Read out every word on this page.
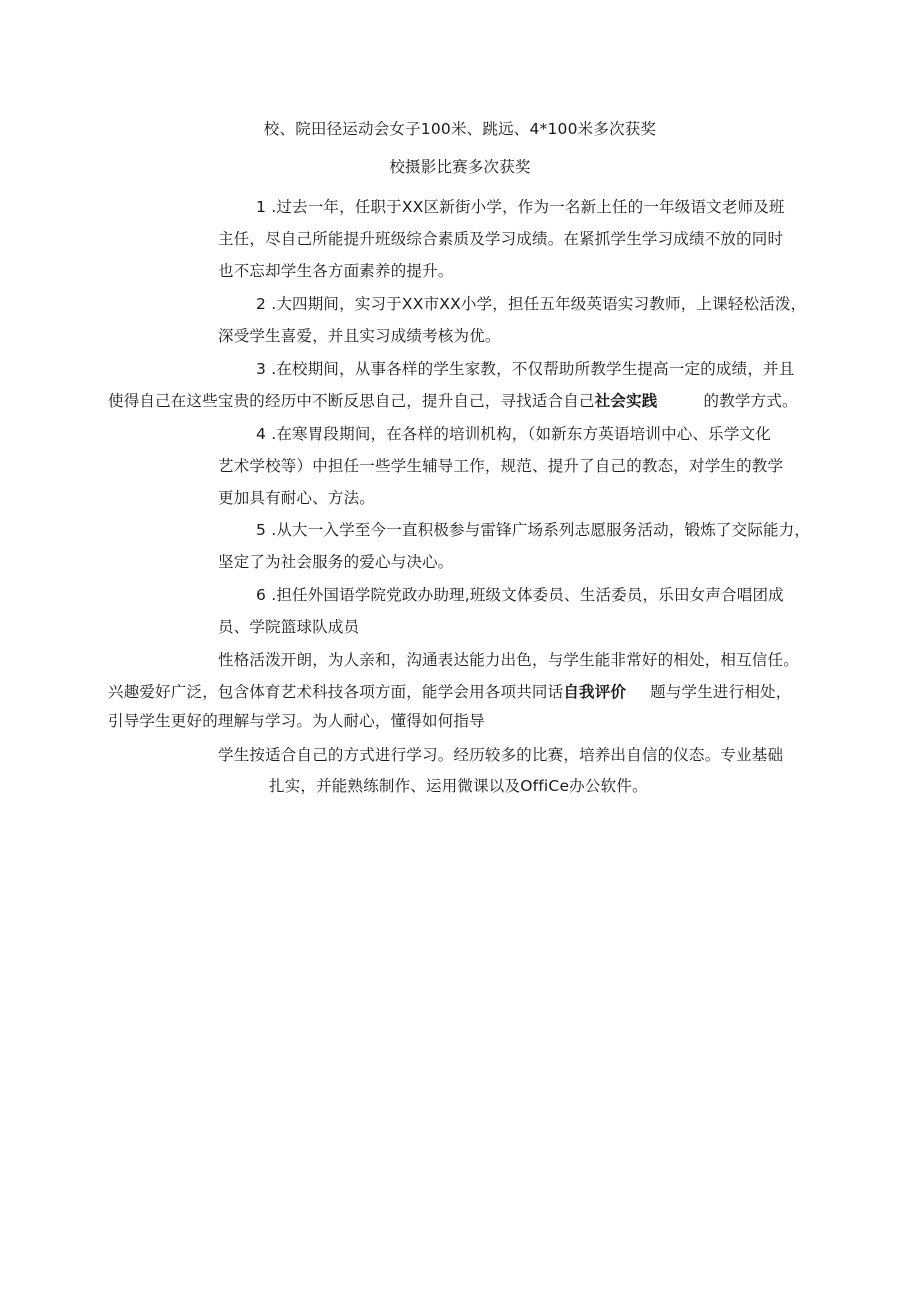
校、院田径运动会女子100米、跳远、4*100米多次获奖
校摄影比赛多次获奖
1 .过去一年，任职于XX区新街小学，作为一名新上任的一年级语文老师及班
主任，尽自己所能提升班级综合素质及学习成绩。在紧抓学生学习成绩不放的同时
也不忘却学生各方面素养的提升。
2 .大四期间，实习于XX市XX小学，担任五年级英语实习教师，上课轻松活泼，
深受学生喜爱，并且实习成绩考核为优。
3 .在校期间，从事各样的学生家教，不仅帮助所教学生提高一定的成绩，并且
使得自己在这些宝贵的经历中不断反思自己，提升自己，寻找适合自己社会实践	的教学方式。
4 .在寒胃段期间，在各样的培训机构，（如新东方英语培训中心、乐学文化
艺术学校等）中担任一些学生辅导工作，规范、提升了自己的教态，对学生的教学
更加具有耐心、方法。
5 .从大一入学至今一直积极参与雷锋广场系列志愿服务活动，锻炼了交际能力，
坚定了为社会服务的爱心与决心。
6 .担任外国语学院党政办助理,班级文体委员、生活委员，乐田女声合唱团成
员、学院篮球队成员
性格活泼开朗，为人亲和，沟通表达能力出色，与学生能非常好的相处，相互信任。
兴趣爱好广泛，包含体育艺术科技各项方面，能学会用各项共同话自我评价 题与学生进行相处，
引导学生更好的理解与学习。为人耐心，懂得如何指导
学生按适合自己的方式进行学习。经历较多的比赛，培养出自信的仪态。专业基础
扎实，并能熟练制作、运用微课以及OffiCe办公软件。
